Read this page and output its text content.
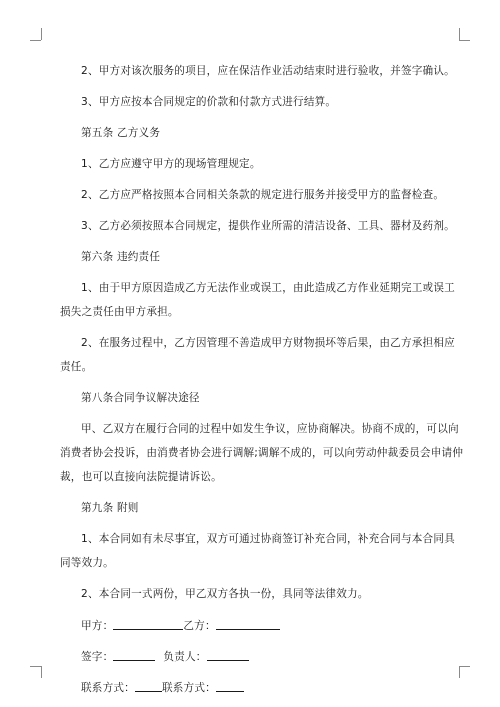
2、甲方对该次服务的项目，应在保洁作业活动结束时进行验收，并签字确认。

3、甲方应按本合同规定的价款和付款方式进行结算。

第五条 乙方义务

1、乙方应遵守甲方的现场管理规定。

2、乙方应严格按照本合同相关条款的规定进行服务并接受甲方的监督检查。

3、乙方必须按照本合同规定，提供作业所需的清洁设备、工具、器材及药剂。

第六条 违约责任

1、由于甲方原因造成乙方无法作业或误工，由此造成乙方作业延期完工或误工

损失之责任由甲方承担。

2、在服务过程中，乙方因管理不善造成甲方财物损坏等后果，由乙方承担相应

责任。

第八条合同争议解决途径

甲、乙双方在履行合同的过程中如发生争议，应协商解决。协商不成的，可以向

消费者协会投诉，由消费者协会进行调解;调解不成的，可以向劳动仲裁委员会申请仲

裁，也可以直接向法院提请诉讼。

第九条 附则

1、本合同如有未尽事宜，双方可通过协商签订补充合同，补充合同与本合同具

同等效力。

2、本合同一式两份，甲乙双方各执一份，具同等法律效力。

甲方：	乙方：
签字：	负责人：
联系方式：	联系方式：
